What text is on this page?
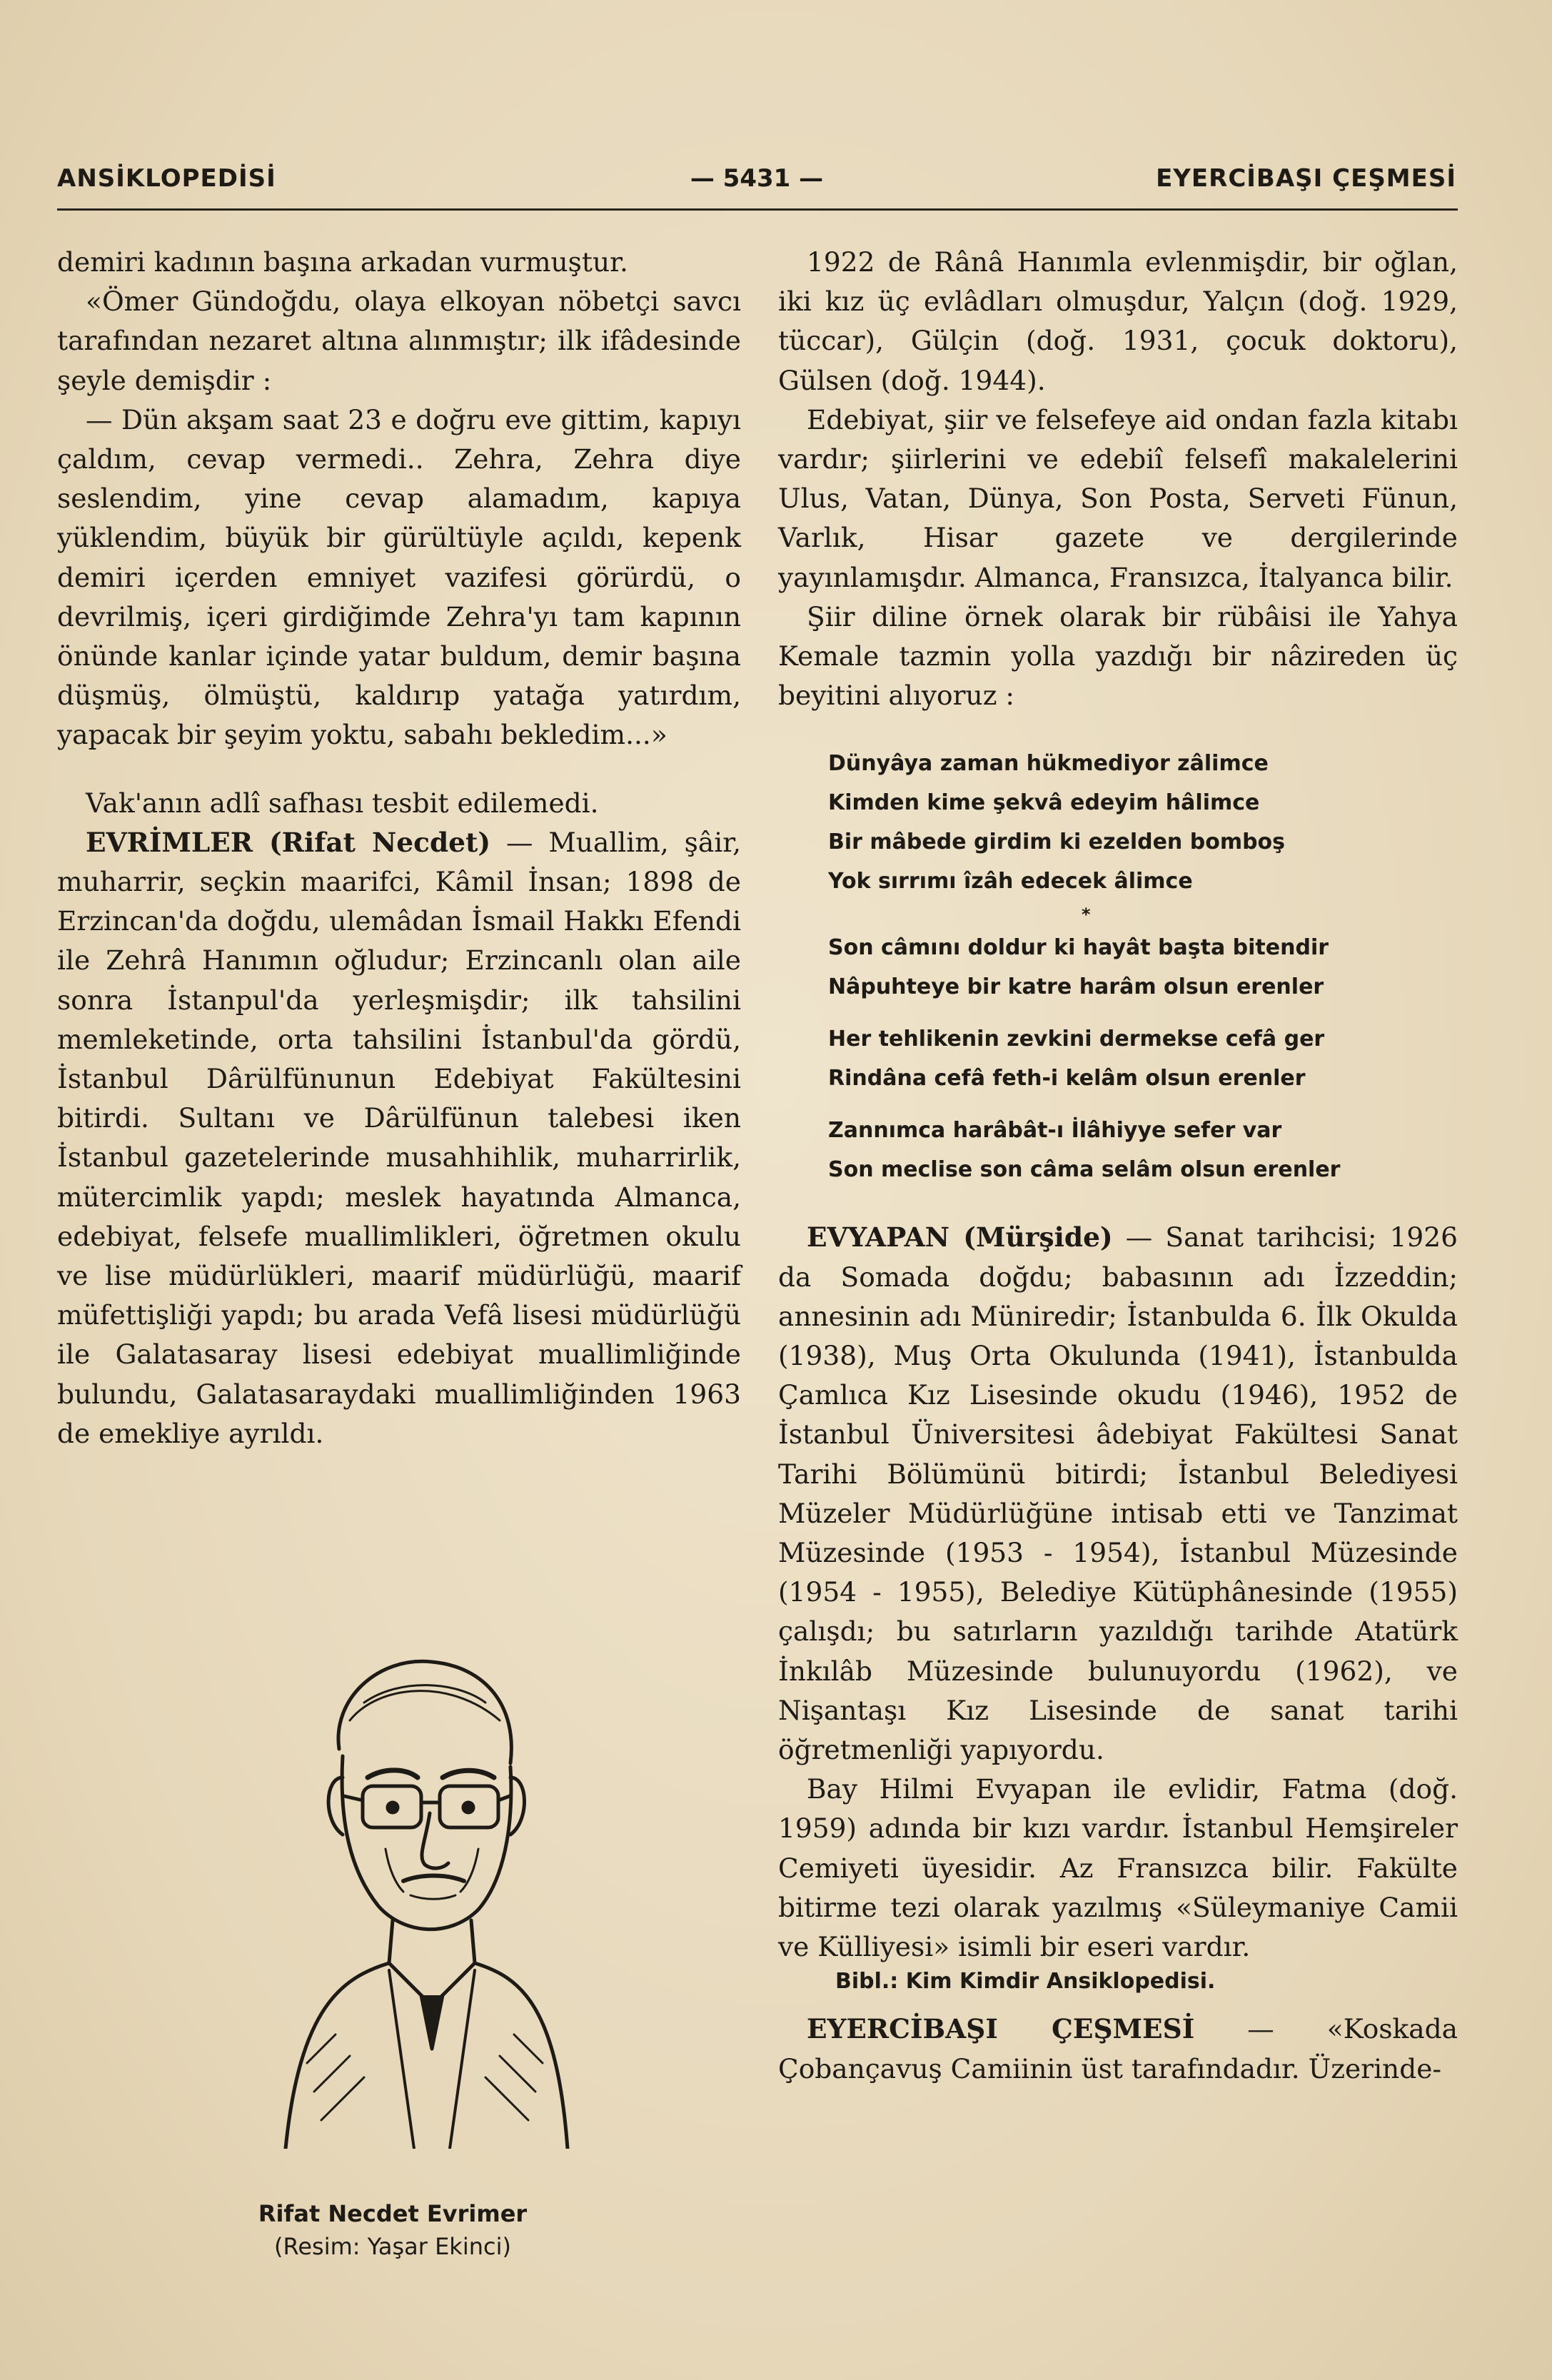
ANSİKLOPEDİSİ	— 5431 —	EYERCİBAŞI ÇEŞMESİ

demiri kadının başına arkadan vurmuştur.

«Ömer Gündoğdu, olaya elkoyan nöbetçi savcı tarafından nezaret altına alınmıştır; ilk ifâdesinde şeyle demişdir :

— Dün akşam saat 23 e doğru eve gittim, kapıyı çaldım, cevap vermedi.. Zehra, Zehra diye seslendim, yine cevap alamadım, kapıya yüklendim, büyük bir gürültüyle açıldı, kepenk demiri içerden emniyet vazifesi görürdü, o devrilmiş, içeri girdiğimde Zehra'yı tam kapının önünde kanlar içinde yatar buldum, demir başına düşmüş, ölmüştü, kaldırıp yatağa yatırdım, yapacak bir şeyim yoktu, sabahı bekledim...»

Vak'anın adlî safhası tesbit edilemedi.

EVRİMLER (Rifat Necdet) — Muallim, şâir, muharrir, seçkin maarifci, Kâmil İnsan; 1898 de Erzincan'da doğdu, ulemâdan İsmail Hakkı Efendi ile Zehrâ Hanımın oğludur; Erzincanlı olan aile sonra İstanpul'da yerleşmişdir; ilk tahsilini memleketinde, orta tahsilini İstanbul'da gördü, İstanbul Dârülfünunun Edebiyat Fakültesini bitirdi. Sultanı ve Dârülfünun talebesi iken İstanbul gazetelerinde musahhihlik, muharrirlik, mütercimlik yapdı; meslek hayatında Almanca, edebiyat, felsefe muallimlikleri, öğretmen okulu ve lise müdürlükleri, maarif müdürlüğü, maarif müfettişliği yapdı; bu arada Vefâ lisesi müdürlüğü ile Galatasaray lisesi edebiyat muallimliğinde bulundu, Galatasaraydaki muallimliğinden 1963 de emekliye ayrıldı.

Rifat Necdet Evrimer
(Resim: Yaşar Ekinci)

1922 de Rânâ Hanımla evlenmişdir, bir oğlan, iki kız üç evlâdları olmuşdur, Yalçın (doğ. 1929, tüccar), Gülçin (doğ. 1931, çocuk doktoru), Gülsen (doğ. 1944).

Edebiyat, şiir ve felsefeye aid ondan fazla kitabı vardır; şiirlerini ve edebiî felsefî makalelerini Ulus, Vatan, Dünya, Son Posta, Serveti Fünun, Varlık, Hisar gazete ve dergilerinde yayınlamışdır. Almanca, Fransızca, İtalyanca bilir.

Şiir diline örnek olarak bir rübâisi ile Yahya Kemale tazmin yolla yazdığı bir nâzireden üç beyitini alıyoruz :

Dünyâya zaman hükmediyor zâlimce

Kimden kime şekvâ edeyim hâlimce

Bir mâbede girdim ki ezelden bomboş

Yok sırrımı îzâh edecek âlimce

*

Son câmını doldur ki hayât başta bitendir

Nâpuhteye bir katre harâm olsun erenler

Her tehlikenin zevkini dermekse cefâ ger

Rindâna cefâ feth-i kelâm olsun erenler

Zannımca harâbât-ı İlâhiyye sefer var

Son meclise son câma selâm olsun erenler

EVYAPAN (Mürşide) — Sanat tarihcisi; 1926 da Somada doğdu; babasının adı İzzeddin; annesinin adı Müniredir; İstanbulda 6. İlk Okulda (1938), Muş Orta Okulunda (1941), İstanbulda Çamlıca Kız Lisesinde okudu (1946), 1952 de İstanbul Üniversitesi âdebiyat Fakültesi Sanat Tarihi Bölümünü bitirdi; İstanbul Belediyesi Müzeler Müdürlüğüne intisab etti ve Tanzimat Müzesinde (1953 - 1954), İstanbul Müzesinde (1954 - 1955), Belediye Kütüphânesinde (1955) çalışdı; bu satırların yazıldığı tarihde Atatürk İnkılâb Müzesinde bulunuyordu (1962), ve Nişantaşı Kız Lisesinde de sanat tarihi öğretmenliği yapıyordu.

Bay Hilmi Evyapan ile evlidir, Fatma (doğ. 1959) adında bir kızı vardır. İstanbul Hemşireler Cemiyeti üyesidir. Az Fransızca bilir. Fakülte bitirme tezi olarak yazılmış «Süleymaniye Camii ve Külliyesi» isimli bir eseri vardır.

Bibl.: Kim Kimdir Ansiklopedisi.

EYERCİBAŞI ÇEŞMESİ — «Koskada Çobançavuş Camiinin üst tarafındadır. Üzerinde-
